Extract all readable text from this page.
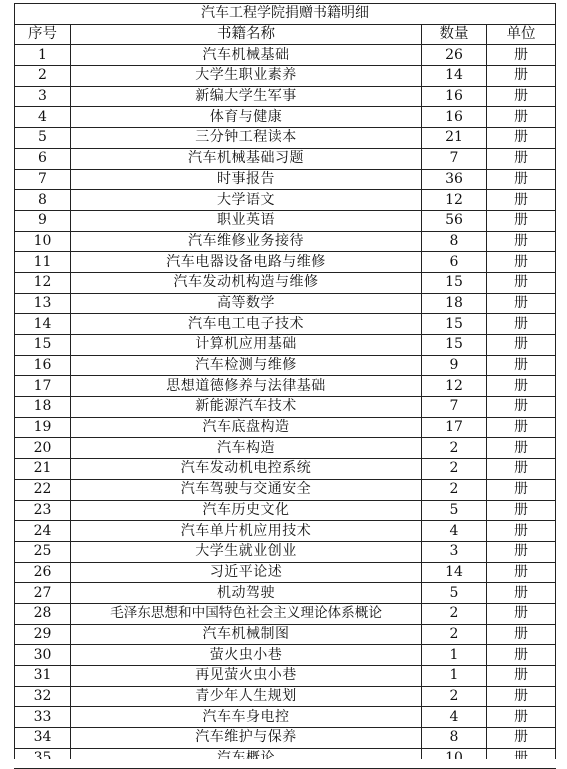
汽车工程学院捐赠书籍明细			
序号	书籍名称	数量	单位
1	汽车机械基础	26	册
2	大学生职业素养	14	册
3	新编大学生军事	16	册
4	体育与健康	16	册
5	三分钟工程读本	21	册
6	汽车机械基础习题	7	册
7	时事报告	36	册
8	大学语文	12	册
9	职业英语	56	册
10	汽车维修业务接待	8	册
11	汽车电器设备电路与维修	6	册
12	汽车发动机构造与维修	15	册
13	高等数学	18	册
14	汽车电工电子技术	15	册
15	计算机应用基础	15	册
16	汽车检测与维修	9	册
17	思想道德修养与法律基础	12	册
18	新能源汽车技术	7	册
19	汽车底盘构造	17	册
20	汽车构造	2	册
21	汽车发动机电控系统	2	册
22	汽车驾驶与交通安全	2	册
23	汽车历史文化	5	册
24	汽车单片机应用技术	4	册
25	大学生就业创业	3	册
26	习近平论述	14	册
27	机动驾驶	5	册
28	毛泽东思想和中国特色社会主义理论体系概论	2	册
29	汽车机械制图	2	册
30	萤火虫小巷	1	册
31	再见萤火虫小巷	1	册
32	青少年人生规划	2	册
33	汽车车身电控	4	册
34	汽车维护与保养	8	册
